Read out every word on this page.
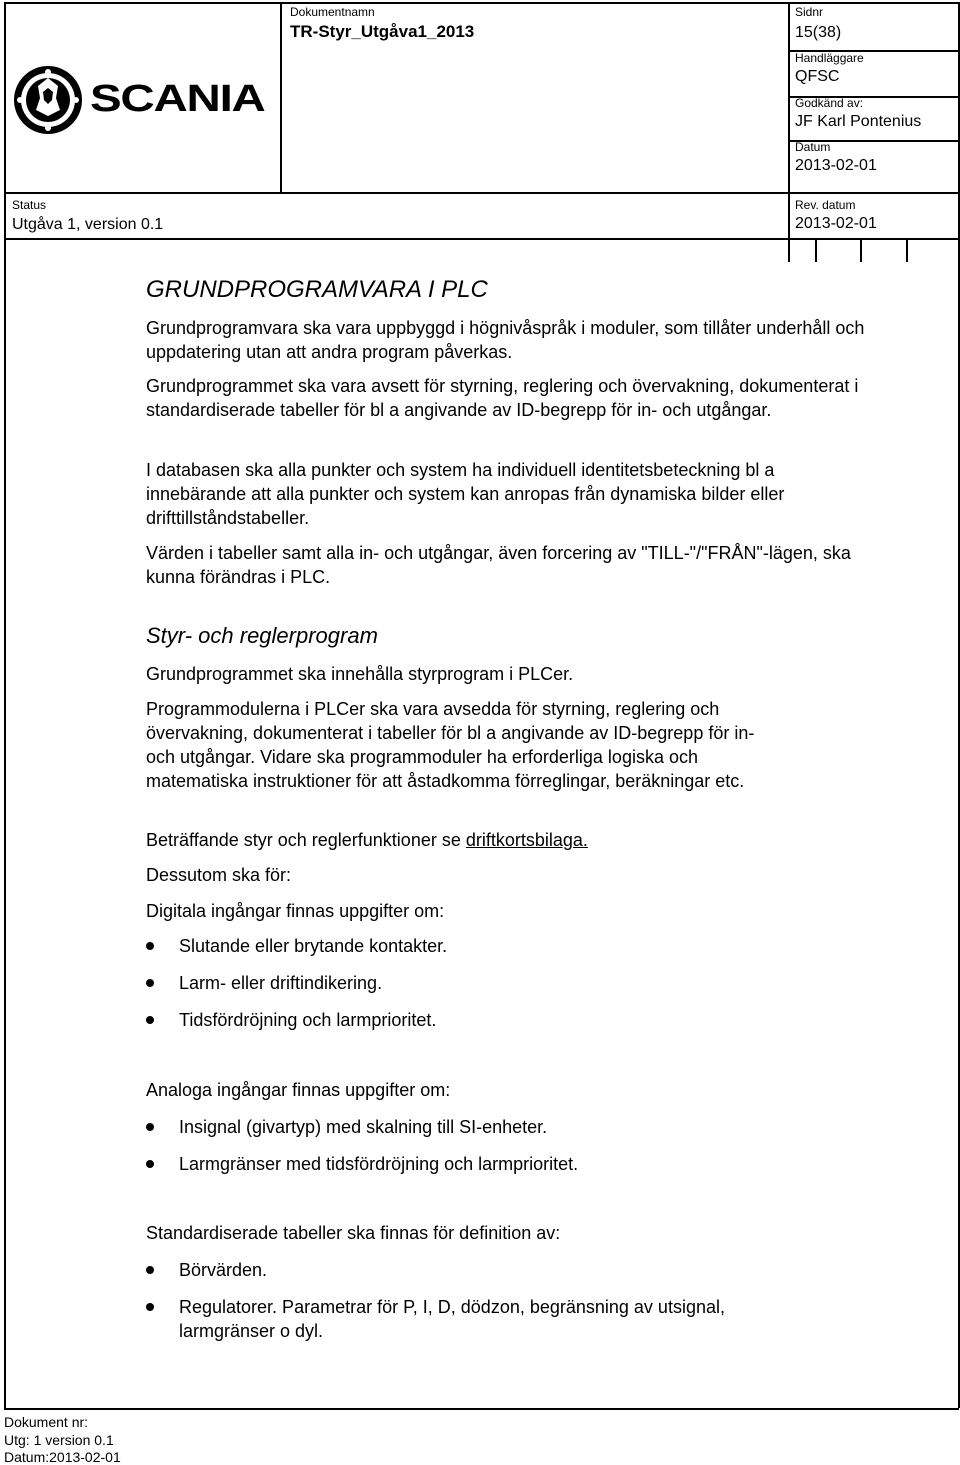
SCANIA
Dokumentnamn
TR-Styr_Utgåva1_2013
Sidnr
15(38)
Handläggare
QFSC
Godkänd av:
JF Karl Pontenius
Datum
2013-02-01
Status
Utgåva 1, version 0.1
Rev. datum
2013-02-01
GRUNDPROGRAMVARA I PLC
Grundprogramvara ska vara uppbyggd i högnivåspråk i moduler, som tillåter underhåll och uppdatering utan att andra program påverkas.
Grundprogrammet ska vara avsett för styrning, reglering och övervakning, dokumenterat i standardiserade tabeller för bl a angivande av ID-begrepp för in- och utgångar.
I databasen ska alla punkter och system ha individuell identitetsbeteckning bl a innebärande att alla punkter och system kan anropas från dynamiska bilder eller drifttillståndstabeller.
Värden i tabeller samt alla in- och utgångar, även forcering av "TILL-"/"FRÅN"-lägen, ska kunna förändras i PLC.
Styr- och reglerprogram
Grundprogrammet ska innehålla styrprogram i PLCer.
Programmodulerna i PLCer ska vara avsedda för styrning, reglering och övervakning, dokumenterat i tabeller för bl a angivande av ID-begrepp för in- och utgångar. Vidare ska programmoduler ha erforderliga logiska och matematiska instruktioner för att åstadkomma förreglingar, beräkningar etc.
Beträffande styr och reglerfunktioner se driftkortsbilaga.
Dessutom ska för:
Digitala ingångar finnas uppgifter om:
Slutande eller brytande kontakter.
Larm- eller driftindikering.
Tidsfördröjning och larmprioritet.
Analoga ingångar finnas uppgifter om:
Insignal (givartyp) med skalning till SI-enheter.
Larmgränser med tidsfördröjning och larmprioritet.
Standardiserade tabeller ska finnas för definition av:
Börvärden.
Regulatorer. Parametrar för P, I, D, dödzon, begränsning av utsignal, larmgränser o dyl.
Dokument nr:
Utg: 1 version 0.1
Datum:2013-02-01
